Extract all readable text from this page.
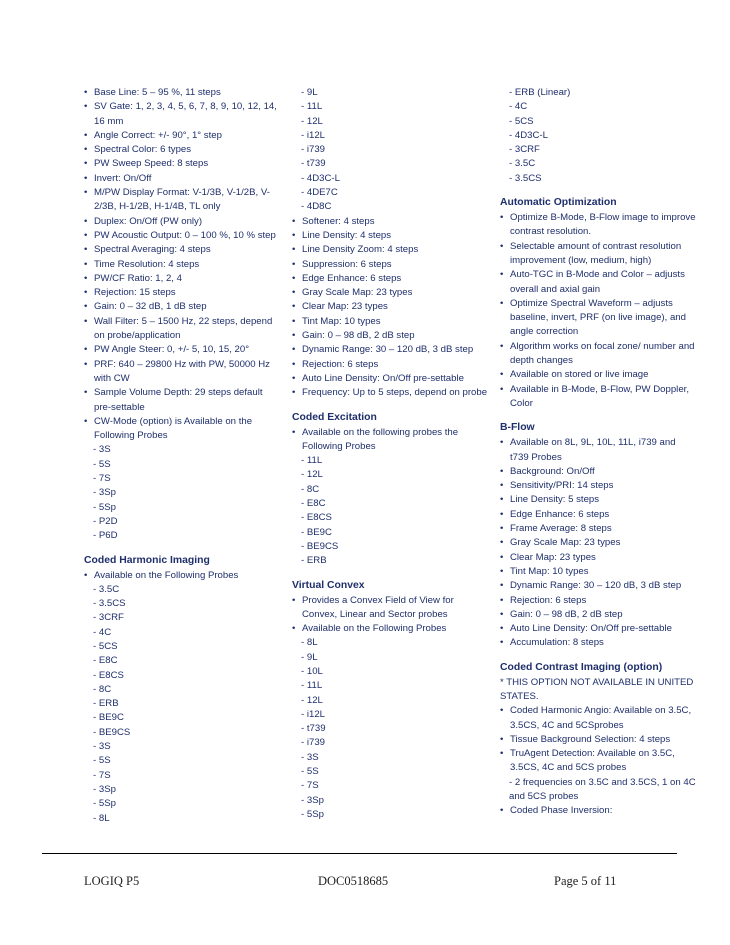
• Base Line: 5 – 95 %, 11 steps
• SV Gate: 1, 2, 3, 4, 5, 6, 7, 8, 9, 10, 12, 14, 16 mm
• Angle Correct: +/- 90°, 1° step
• Spectral Color: 6 types
• PW Sweep Speed: 8 steps
• Invert: On/Off
• M/PW Display Format: V-1/3B, V-1/2B, V-2/3B, H-1/2B, H-1/4B, TL only
• Duplex: On/Off (PW only)
• PW Acoustic Output: 0 – 100 %, 10 % step
• Spectral Averaging: 4 steps
• Time Resolution: 4 steps
• PW/CF Ratio: 1, 2, 4
• Rejection: 15 steps
• Gain: 0 – 32 dB, 1 dB step
• Wall Filter: 5 – 1500 Hz, 22 steps, depend on probe/application
• PW Angle Steer: 0, +/- 5, 10, 15, 20°
• PRF: 640 – 29800 Hz with PW, 50000 Hz with CW
• Sample Volume Depth: 29 steps default pre-settable
• CW-Mode (option) is Available on the Following Probes
- 3S
- 5S
- 7S
- 3Sp
- 5Sp
- P2D
- P6D
Coded Harmonic Imaging
• Available on the Following Probes
- 3.5C
- 3.5CS
- 3CRF
- 4C
- 5CS
- E8C
- E8CS
- 8C
- ERB
- BE9C
- BE9CS
- 3S
- 5S
- 7S
- 3Sp
- 5Sp
- 8L
- 9L
- 11L
- 12L
- i12L
- i739
- t739
- 4D3C-L
- 4DE7C
- 4D8C
• Softener: 4 steps
• Line Density: 4 steps
• Line Density Zoom: 4 steps
• Suppression: 6 steps
• Edge Enhance: 6 steps
• Gray Scale Map: 23 types
• Clear Map: 23 types
• Tint Map: 10 types
• Gain: 0 – 98 dB, 2 dB step
• Dynamic Range: 30 – 120 dB, 3 dB step
• Rejection: 6 steps
• Auto Line Density: On/Off pre-settable
• Frequency: Up to 5 steps, depend on probe
Coded Excitation
• Available on the following probes the Following Probes
- 11L
- 12L
- 8C
- E8C
- E8CS
- BE9C
- BE9CS
- ERB
Virtual Convex
• Provides a Convex Field of View for Convex, Linear and Sector probes
• Available on the Following Probes
- 8L
- 9L
- 10L
- 11L
- 12L
- i12L
- t739
- i739
- 3S
- 5S
- 7S
- 3Sp
- 5Sp
- ERB (Linear)
- 4C
- 5CS
- 4D3C-L
- 3CRF
- 3.5C
- 3.5CS
Automatic Optimization
• Optimize B-Mode, B-Flow image to improve contrast resolution.
• Selectable amount of contrast resolution improvement (low, medium, high)
• Auto-TGC in B-Mode and Color – adjusts overall and axial gain
• Optimize Spectral Waveform – adjusts baseline, invert, PRF (on live image), and angle correction
• Algorithm works on focal zone/ number and depth changes
• Available on stored or live image
• Available in B-Mode, B-Flow, PW Doppler, Color
B-Flow
• Available on 8L, 9L, 10L, 11L, i739 and t739 Probes
• Background: On/Off
• Sensitivity/PRI: 14 steps
• Line Density: 5 steps
• Edge Enhance: 6 steps
• Frame Average: 8 steps
• Gray Scale Map: 23 types
• Clear Map: 23 types
• Tint Map: 10 types
• Dynamic Range: 30 – 120 dB, 3 dB step
• Rejection: 6 steps
• Gain: 0 – 98 dB, 2 dB step
• Auto Line Density: On/Off pre-settable
• Accumulation: 8 steps
Coded Contrast Imaging (option)
* THIS OPTION NOT AVAILABLE IN UNITED STATES.
• Coded Harmonic Angio: Available on 3.5C, 3.5CS, 4C and 5CSprobes
• Tissue Background Selection: 4 steps
• TruAgent Detection: Available on 3.5C, 3.5CS, 4C and 5CS probes
- 2 frequencies on 3.5C and 3.5CS, 1 on 4C and 5CS probes
• Coded Phase Inversion:
LOGIQ P5	DOC0518685	Page 5 of 11
